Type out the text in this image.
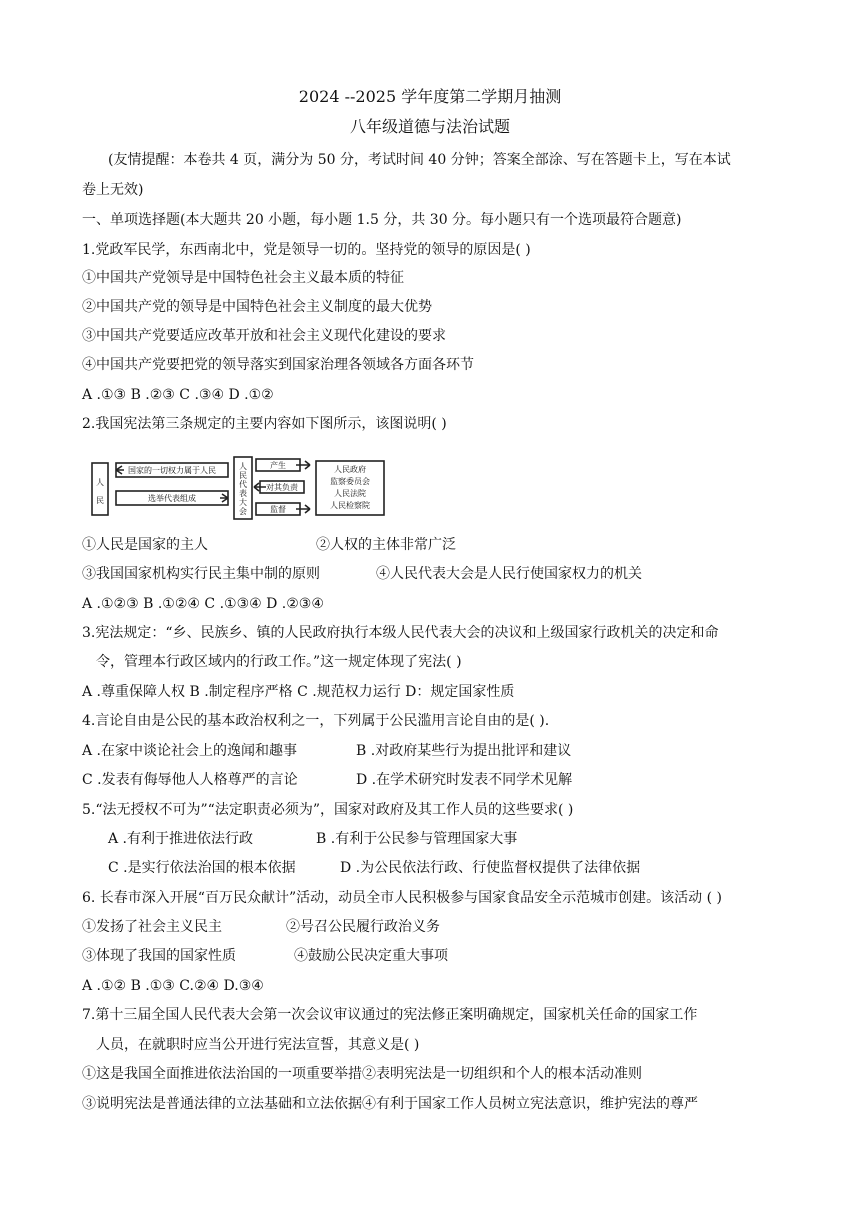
2024 --2025 学年度第二学期月抽测
八年级道德与法治试题
(友情提醒：本卷共 4 页，满分为 50 分，考试时间 40 分钟；答案全部涂、写在答题卡上，写在本试
卷上无效)
一、单项选择题(本大题共 20 小题，每小题 1.5 分，共 30 分。每小题只有一个选项最符合题意)
1.党政军民学，东西南北中，党是领导一切的。坚持党的领导的原因是( )
①中国共产党领导是中国特色社会主义最本质的特征
②中国共产党的领导是中国特色社会主义制度的最大优势
③中国共产党要适应改革开放和社会主义现代化建设的要求
④中国共产党要把党的领导落实到国家治理各领域各方面各环节
A .①③ B .②③ C .③④ D .①②
2.我国宪法第三条规定的主要内容如下图所示，该图说明( )
人
民
国家的一切权力属于人民
选举代表组成
人
民
代
表
大
会
产生
对其负责
监督
人民政府
监察委员会
人民法院
人民检察院
①人民是国家的主人	②人权的主体非常广泛
③我国国家机构实行民主集中制的原则	④人民代表大会是人民行使国家权力的机关
A .①②③ B .①②④ C .①③④ D .②③④
3.宪法规定：“乡、民族乡、镇的人民政府执行本级人民代表大会的决议和上级国家行政机关的决定和命
令，管理本行政区域内的行政工作。”这一规定体现了宪法( )
A .尊重保障人权 B .制定程序严格 C .规范权力运行 D：规定国家性质
4.言论自由是公民的基本政治权利之一，下列属于公民滥用言论自由的是( ).
A .在家中谈论社会上的逸闻和趣事	B .对政府某些行为提出批评和建议
C .发表有侮辱他人人格尊严的言论	D .在学术研究时发表不同学术见解
5.“法无授权不可为”“法定职责必须为”，国家对政府及其工作人员的这些要求( )
A .有利于推进依法行政	B .有利于公民参与管理国家大事
C .是实行依法治国的根本依据	D .为公民依法行政、行使监督权提供了法律依据
6. 长春市深入开展“百万民众献计”活动，动员全市人民积极参与国家食品安全示范城市创建。该活动 ( )
①发扬了社会主义民主	②号召公民履行政治义务
③体现了我国的国家性质	④鼓励公民决定重大事项
A .①② B .①③ C.②④ D.③④
7.第十三届全国人民代表大会第一次会议审议通过的宪法修正案明确规定，国家机关任命的国家工作
人员，在就职时应当公开进行宪法宣誓，其意义是( )
①这是我国全面推进依法治国的一项重要举措②表明宪法是一切组织和个人的根本活动准则
③说明宪法是普通法律的立法基础和立法依据④有利于国家工作人员树立宪法意识，维护宪法的尊严
